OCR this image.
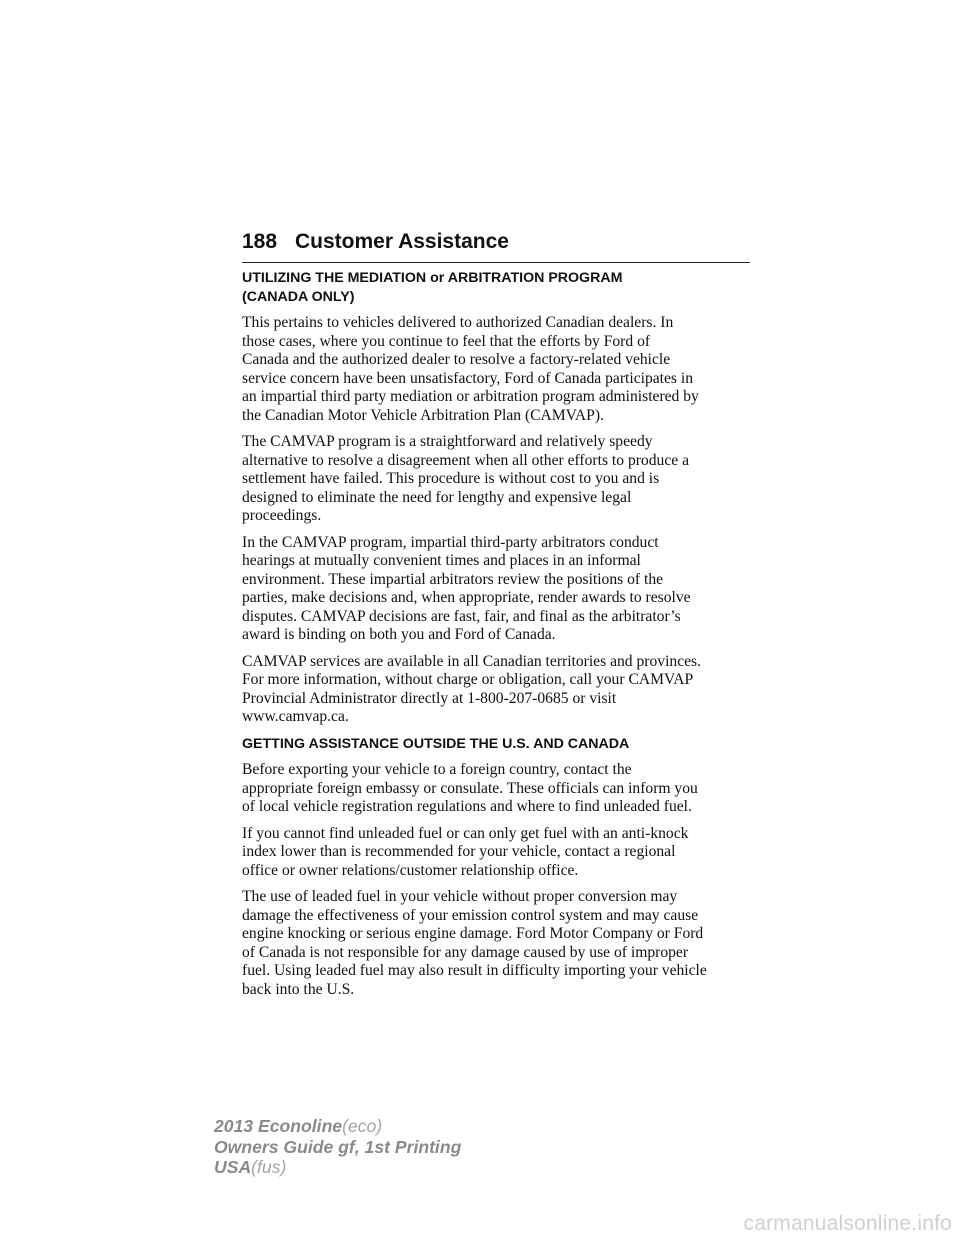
188 Customer Assistance
UTILIZING THE MEDIATION or ARBITRATION PROGRAM
(CANADA ONLY)
This pertains to vehicles delivered to authorized Canadian dealers. In
those cases, where you continue to feel that the efforts by Ford of
Canada and the authorized dealer to resolve a factory-related vehicle
service concern have been unsatisfactory, Ford of Canada participates in
an impartial third party mediation or arbitration program administered by
the Canadian Motor Vehicle Arbitration Plan (CAMVAP).
The CAMVAP program is a straightforward and relatively speedy
alternative to resolve a disagreement when all other efforts to produce a
settlement have failed. This procedure is without cost to you and is
designed to eliminate the need for lengthy and expensive legal
proceedings.
In the CAMVAP program, impartial third-party arbitrators conduct
hearings at mutually convenient times and places in an informal
environment. These impartial arbitrators review the positions of the
parties, make decisions and, when appropriate, render awards to resolve
disputes. CAMVAP decisions are fast, fair, and final as the arbitrator’s
award is binding on both you and Ford of Canada.
CAMVAP services are available in all Canadian territories and provinces.
For more information, without charge or obligation, call your CAMVAP
Provincial Administrator directly at 1-800-207-0685 or visit
www.camvap.ca.
GETTING ASSISTANCE OUTSIDE THE U.S. AND CANADA
Before exporting your vehicle to a foreign country, contact the
appropriate foreign embassy or consulate. These officials can inform you
of local vehicle registration regulations and where to find unleaded fuel.
If you cannot find unleaded fuel or can only get fuel with an anti-knock
index lower than is recommended for your vehicle, contact a regional
office or owner relations/customer relationship office.
The use of leaded fuel in your vehicle without proper conversion may
damage the effectiveness of your emission control system and may cause
engine knocking or serious engine damage. Ford Motor Company or Ford
of Canada is not responsible for any damage caused by use of improper
fuel. Using leaded fuel may also result in difficulty importing your vehicle
back into the U.S.
2013 Econoline(eco)
Owners Guide gf, 1st Printing
USA(fus)
carmanualsonline.info
